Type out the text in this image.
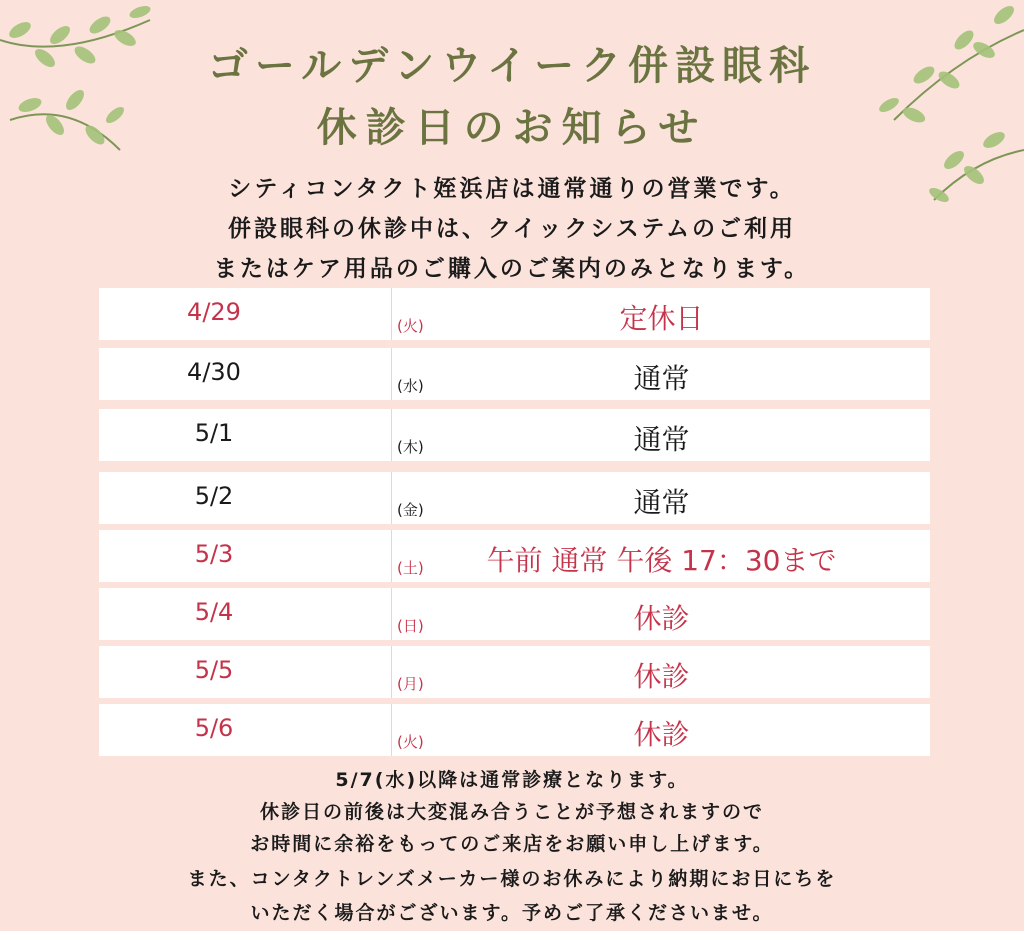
ゴールデンウイーク併設眼科
休診日のお知らせ
シティコンタクト姪浜店は通常通りの営業です。
併設眼科の休診中は、クイックシステムのご利用
またはケア用品のご購入のご案内のみとなります。
4/29	(火)	定休日
4/30	(水)	通常
5/1	(木)	通常
5/2	(金)	通常
5/3	(土)	午前 通常 午後 17：30まで
5/4	(日)	休診
5/5	(月)	休診
5/6	(火)	休診
5/7(水)以降は通常診療となります。
休診日の前後は大変混み合うことが予想されますので
お時間に余裕をもってのご来店をお願い申し上げます。
また、コンタクトレンズメーカー様のお休みにより納期にお日にちを
いただく場合がございます。予めご了承くださいませ。
